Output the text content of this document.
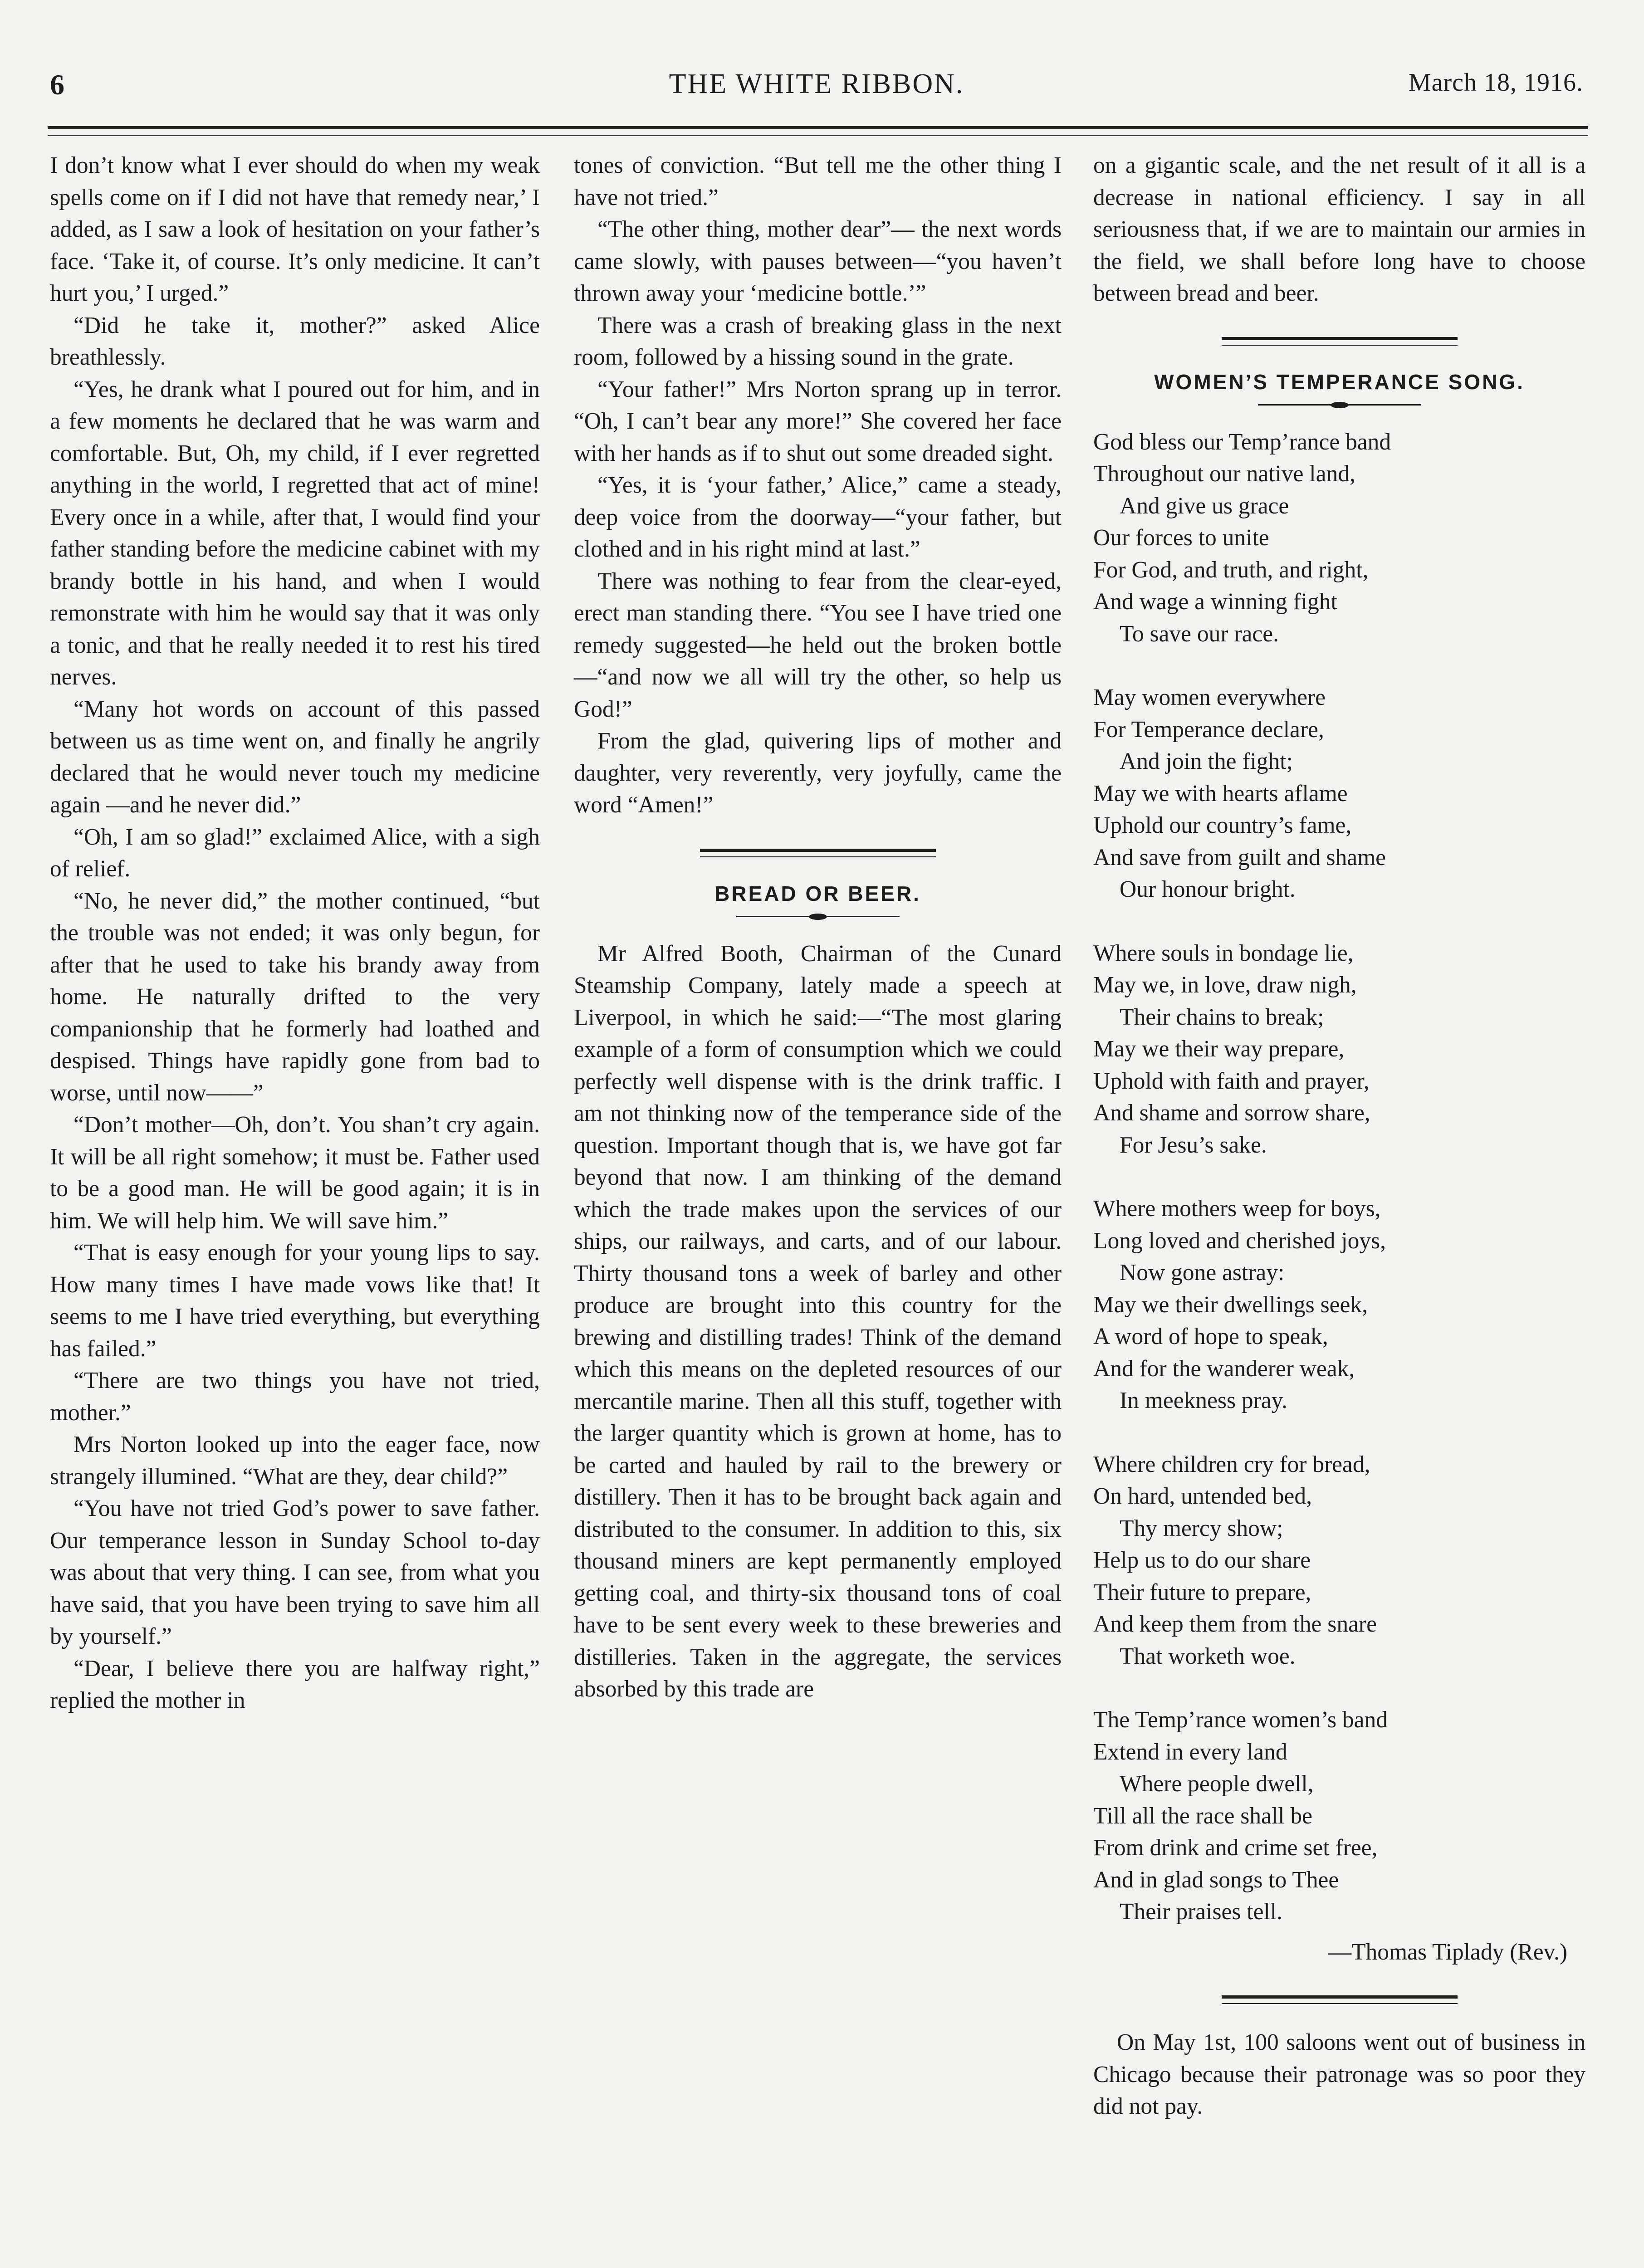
6	THE WHITE RIBBON.	March 18, 1916.

I don’t know what I ever should do when my weak spells come on if I did not have that remedy near,’ I added, as I saw a look of hesitation on your father’s face. ‘Take it, of course. It’s only medicine. It can’t hurt you,’ I urged.”

“Did he take it, mother?” asked Alice breathlessly.

“Yes, he drank what I poured out for him, and in a few moments he declared that he was warm and comfortable. But, Oh, my child, if I ever regretted anything in the world, I regretted that act of mine! Every once in a while, after that, I would find your father standing before the medicine cabinet with my brandy bottle in his hand, and when I would remonstrate with him he would say that it was only a tonic, and that he really needed it to rest his tired nerves.

“Many hot words on account of this passed between us as time went on, and finally he angrily declared that he would never touch my medicine again —and he never did.”

“Oh, I am so glad!” exclaimed Alice, with a sigh of relief.

“No, he never did,” the mother continued, “but the trouble was not ended; it was only begun, for after that he used to take his brandy away from home. He naturally drifted to the very companionship that he formerly had loathed and despised. Things have rapidly gone from bad to worse, until now——”

“Don’t mother—Oh, don’t. You shan’t cry again. It will be all right somehow; it must be. Father used to be a good man. He will be good again; it is in him. We will help him. We will save him.”

“That is easy enough for your young lips to say. How many times I have made vows like that! It seems to me I have tried everything, but everything has failed.”

“There are two things you have not tried, mother.”

Mrs Norton looked up into the eager face, now strangely illumined. “What are they, dear child?”

“You have not tried God’s power to save father. Our temperance lesson in Sunday School to-day was about that very thing. I can see, from what you have said, that you have been trying to save him all by yourself.”

“Dear, I believe there you are halfway right,” replied the mother in

tones of conviction. “But tell me the other thing I have not tried.”

“The other thing, mother dear”— the next words came slowly, with pauses between—“you haven’t thrown away your ‘medicine bottle.’”

There was a crash of breaking glass in the next room, followed by a hissing sound in the grate.

“Your father!” Mrs Norton sprang up in terror. “Oh, I can’t bear any more!” She covered her face with her hands as if to shut out some dreaded sight.

“Yes, it is ‘your father,’ Alice,” came a steady, deep voice from the doorway—“your father, but clothed and in his right mind at last.”

There was nothing to fear from the clear-eyed, erect man standing there. “You see I have tried one remedy suggested—he held out the broken bottle—“and now we all will try the other, so help us God!”

From the glad, quivering lips of mother and daughter, very reverently, very joyfully, came the word “Amen!”

BREAD OR BEER.

Mr Alfred Booth, Chairman of the Cunard Steamship Company, lately made a speech at Liverpool, in which he said:—“The most glaring example of a form of consumption which we could perfectly well dispense with is the drink traffic. I am not thinking now of the temperance side of the question. Important though that is, we have got far beyond that now. I am thinking of the demand which the trade makes upon the services of our ships, our railways, and carts, and of our labour. Thirty thousand tons a week of barley and other produce are brought into this country for the brewing and distilling trades! Think of the demand which this means on the depleted resources of our mercantile marine. Then all this stuff, together with the larger quantity which is grown at home, has to be carted and hauled by rail to the brewery or distillery. Then it has to be brought back again and distributed to the consumer. In addition to this, six thousand miners are kept permanently employed getting coal, and thirty-six thousand tons of coal have to be sent every week to these breweries and distilleries. Taken in the aggregate, the services absorbed by this trade are

on a gigantic scale, and the net result of it all is a decrease in national efficiency. I say in all seriousness that, if we are to maintain our armies in the field, we shall before long have to choose between bread and beer.

WOMEN’S TEMPERANCE SONG.
God bless our Temp’rance band
Throughout our native land,
And give us grace
Our forces to unite
For God, and truth, and right,
And wage a winning fight
To save our race.
May women everywhere
For Temperance declare,
And join the fight;
May we with hearts aflame
Uphold our country’s fame,
And save from guilt and shame
Our honour bright.
Where souls in bondage lie,
May we, in love, draw nigh,
Their chains to break;
May we their way prepare,
Uphold with faith and prayer,
And shame and sorrow share,
For Jesu’s sake.
Where mothers weep for boys,
Long loved and cherished joys,
Now gone astray:
May we their dwellings seek,
A word of hope to speak,
And for the wanderer weak,
In meekness pray.
Where children cry for bread,
On hard, untended bed,
Thy mercy show;
Help us to do our share
Their future to prepare,
And keep them from the snare
That worketh woe.
The Temp’rance women’s band
Extend in every land
Where people dwell,
Till all the race shall be
From drink and crime set free,
And in glad songs to Thee
Their praises tell.
—Thomas Tiplady (Rev.)

On May 1st, 100 saloons went out of business in Chicago because their patronage was so poor they did not pay.
